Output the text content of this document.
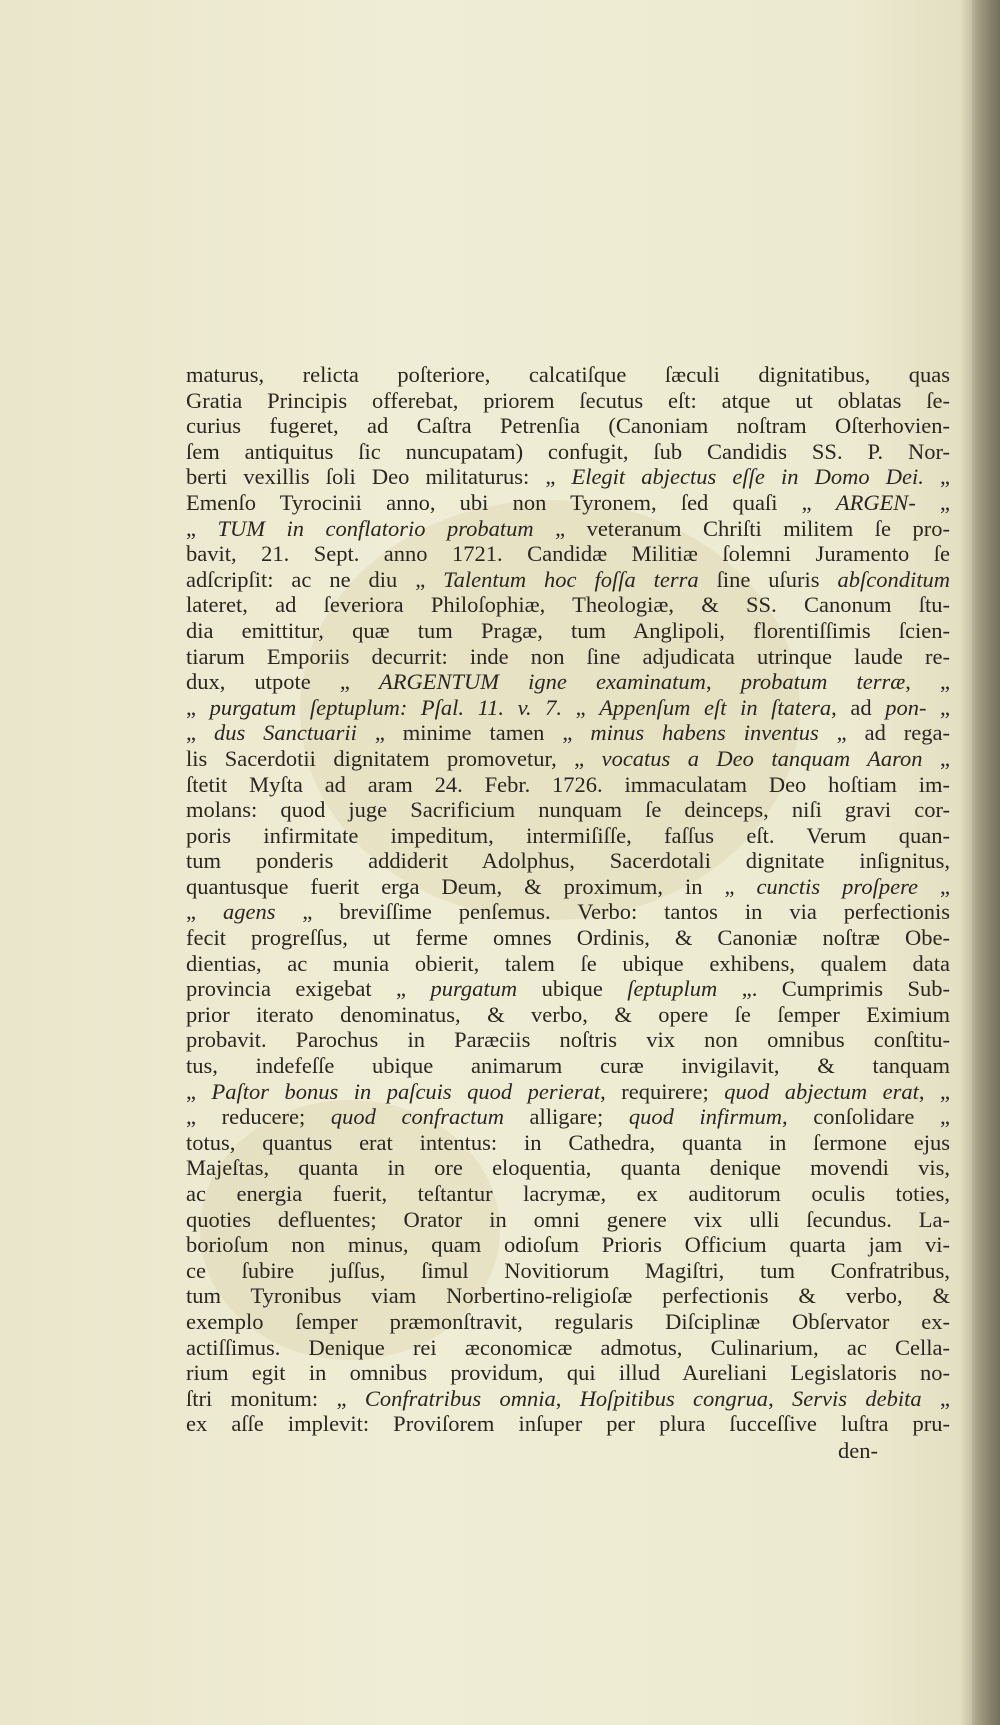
maturus, relicta poſteriore, calcatiſque ſæculi dignitatibus, quas
Gratia Principis offerebat, priorem ſecutus eſt: atque ut oblatas ſe-
curius fugeret, ad Caſtra Petrenſia (Canoniam noſtram Oſterhovien-
ſem antiquitus ſic nuncupatam) confugit, ſub Candidis SS. P. Nor-
berti vexillis ſoli Deo militaturus: „ Elegit abjectus eſſe in Domo Dei. „
Emenſo Tyrocinii anno, ubi non Tyronem, ſed quaſi „ ARGEN- „
„ TUM in conflatorio probatum „ veteranum Chriſti militem ſe pro-
bavit, 21. Sept. anno 1721. Candidæ Militiæ ſolemni Juramento ſe
adſcripſit: ac ne diu „ Talentum hoc foſſa terra ſine uſuris abſconditum
lateret, ad ſeveriora Philoſophiæ, Theologiæ, & SS. Canonum ſtu-
dia emittitur, quæ tum Pragæ, tum Anglipoli, florentiſſimis ſcien-
tiarum Emporiis decurrit: inde non ſine adjudicata utrinque laude re-
dux, utpote „ ARGENTUM igne examinatum, probatum terræ, „
„ purgatum ſeptuplum: Pſal. 11. v. 7. „ Appenſum eſt in ſtatera, ad pon- „
„ dus Sanctuarii „ minime tamen „ minus habens inventus „ ad rega-
lis Sacerdotii dignitatem promovetur, „ vocatus a Deo tanquam Aaron „
ſtetit Myſta ad aram 24. Febr. 1726. immaculatam Deo hoſtiam im-
molans: quod juge Sacrificium nunquam ſe deinceps, niſi gravi cor-
poris infirmitate impeditum, intermiſiſſe, faſſus eſt. Verum quan-
tum ponderis addiderit Adolphus, Sacerdotali dignitate inſignitus,
quantusque fuerit erga Deum, & proximum, in „ cunctis proſpere „
„ agens „ breviſſime penſemus. Verbo: tantos in via perfectionis
fecit progreſſus, ut ferme omnes Ordinis, & Canoniæ noſtræ Obe-
dientias, ac munia obierit, talem ſe ubique exhibens, qualem data
provincia exigebat „ purgatum ubique ſeptuplum „. Cumprimis Sub-
prior iterato denominatus, & verbo, & opere ſe ſemper Eximium
probavit. Parochus in Paræciis noſtris vix non omnibus conſtitu-
tus, indefeſſe ubique animarum curæ invigilavit, & tanquam
„ Paſtor bonus in paſcuis quod perierat, requirere; quod abjectum erat, „
„ reducere; quod confractum alligare; quod infirmum, conſolidare „
totus, quantus erat intentus: in Cathedra, quanta in ſermone ejus
Majeſtas, quanta in ore eloquentia, quanta denique movendi vis,
ac energia fuerit, teſtantur lacrymæ, ex auditorum oculis toties,
quoties defluentes; Orator in omni genere vix ulli ſecundus. La-
borioſum non minus, quam odioſum Prioris Officium quarta jam vi-
ce ſubire juſſus, ſimul Novitiorum Magiſtri, tum Confratribus,
tum Tyronibus viam Norbertino-religioſæ perfectionis & verbo, &
exemplo ſemper præmonſtravit, regularis Diſciplinæ Obſervator ex-
actiſſimus. Denique rei æconomicæ admotus, Culinarium, ac Cella-
rium egit in omnibus providum, qui illud Aureliani Legislatoris no-
ſtri monitum: „ Confratribus omnia, Hoſpitibus congrua, Servis debita „
ex aſſe implevit: Proviſorem inſuper per plura ſucceſſive luſtra pru-
den-
